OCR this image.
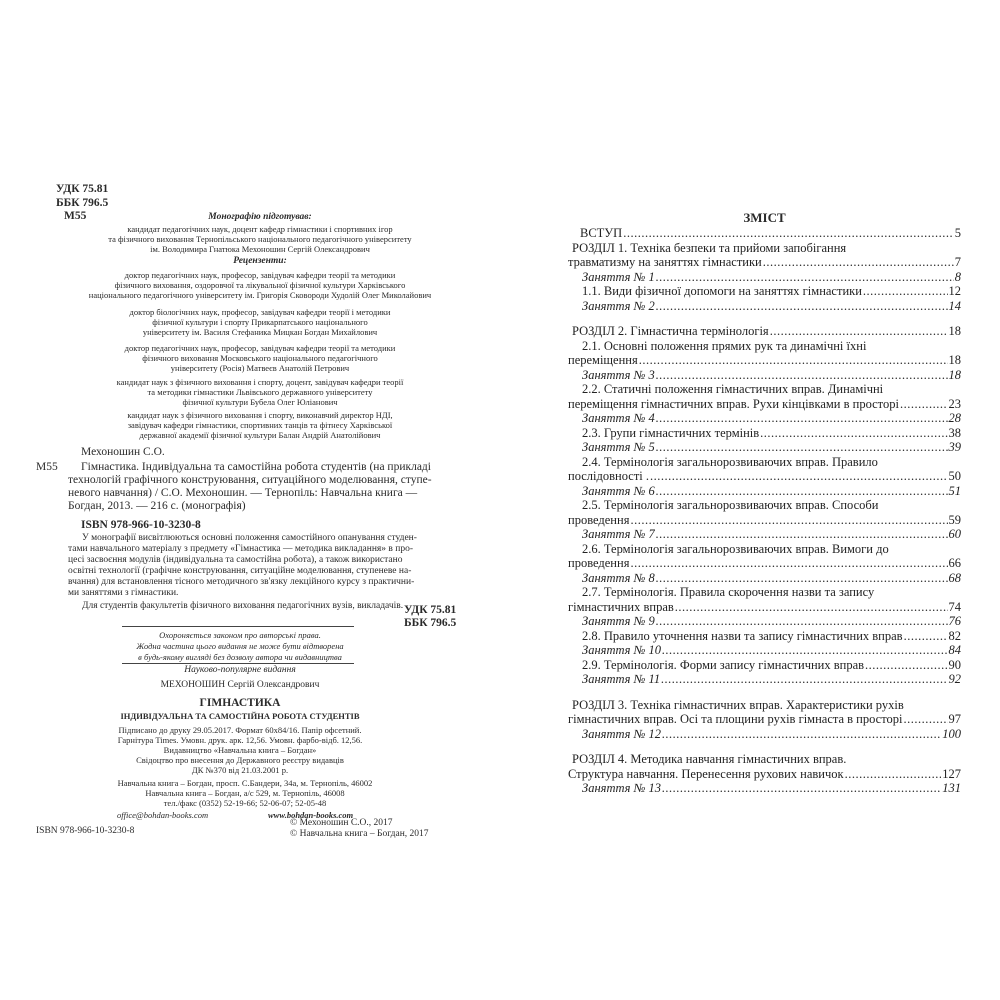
УДК 75.81
ББК 796.5
М55	Монографію підготував:
кандидат педагогічних наук, доцент кафедр гімнастики і спортивних ігор
та фізичного виховання Тернопільського національного педагогічного університету
ім. Володимира Гнатюка Мехоношин Сергій Олександрович
Рецензенти:
доктор педагогічних наук, професор, завідувач кафедри теорії та методики
фізичного виховання, оздоровчої та лікувальної фізичної культури Харківського
національного педагогічного університету ім. Григорія Сковороди Худолій Олег Миколайович
доктор біологічних наук, професор, завідувач кафедри теорії і методики
фізичної культури і спорту Прикарпатського національного
університету ім. Василя Стефаника Мицкан Богдан Михайлович
доктор педагогічних наук, професор, завідувач кафедри теорії та методики
фізичного виховання Московського національного педагогічного
університету (Росія) Матвеєв Анатолій Петрович
кандидат наук з фізичного виховання і спорту, доцент, завідувач кафедри теорії
та методики гімнастики Львівського державного університету
фізичної культури Бубела Олег Юліанович
кандидат наук з фізичного виховання і спорту, виконавчий директор НДІ,
завідувач кафедри гімнастики, спортивних танців та фітнесу Харківської
державної академії фізичної культури Балан Андрій Анатолійович
Мехоношин С.О.
М55 Гімнастика. Індивідуальна та самостійна робота студентів (на прикладі
технологій графічного конструювання, ситуаційного моделювання, ступе-
невого навчання) / С.О. Мехоношин. — Тернопіль: Навчальна книга —
Богдан, 2013. — 216 с. (монографія)
ISBN 978-966-10-3230-8
У монографії висвітлюються основні положення самостійного опанування студен-
тами навчального матеріалу з предмету «Гімнастика — методика викладання» в про-
цесі засвоєння модулів (індивідуальна та самостійна робота), а також використано
освітні технології (графічне конструювання, ситуаційне моделювання, ступеневе на-
вчання) для встановлення тісного методичного зв'язку лекційного курсу з практични-
ми заняттями з гімнастики.
Для студентів факультетів фізичного виховання педагогічних вузів, викладачів. УДК 75.81
ББК 796.5
Охороняється законом про авторські права.
Жодна частина цього видання не може бути відтворена
в будь-якому вигляді без дозволу автора чи видавництва
Науково-популярне видання
МЕХОНОШИН Сергій Олександрович
ГІМНАСТИКА
ІНДИВІДУАЛЬНА ТА САМОСТІЙНА РОБОТА СТУДЕНТІВ
Підписано до друку 29.05.2017. Формат 60х84/16. Папір офсетний.
Гарнітура Times. Умовн. друк. арк. 12,56. Умовн. фарбо-відб. 12,56.
Видавництво «Навчальна книга – Богдан»
Свідоцтво про внесення до Державного реєстру видавців
ДК №370 від 21.03.2001 р.
Навчальна книга – Богдан, просп. С.Бандери, 34а, м. Тернопіль, 46002
Навчальна книга – Богдан, а/с 529, м. Тернопіль, 46008
тел./факс (0352) 52-19-66; 52-06-07; 52-05-48
office@bohdan-books.com	www.bohdan-books.com
ISBN 978-966-10-3230-8
© Мехоношин С.О., 2017
© Навчальна книга – Богдан, 2017
ЗМІСТ
ВСТУП .....	5
РОЗДІЛ 1. Техніка безпеки та прийоми запобігання
травматизму на заняттях гімнастики .....	7
Заняття № 1 .....	8
1.1. Види фізичної допомоги на заняттях гімнастики .....	12
Заняття № 2 .....	14
РОЗДІЛ 2. Гімнастична термінологія .....	18
2.1. Основні положення прямих рук та динамічні їхні
переміщення .....	18
Заняття № 3 .....	18
2.2. Статичні положення гімнастичних вправ. Динамічні
переміщення гімнастичних вправ. Рухи кінцівками в просторі .....	23
Заняття № 4 .....	28
2.3. Групи гімнастичних термінів .....	38
Заняття № 5 .....	39
2.4. Термінологія загальнорозвиваючих вправ. Правило
послідовності . .....	50
Заняття № 6 .....	51
2.5. Термінологія загальнорозвиваючих вправ. Способи
проведення .....	59
Заняття № 7 .....	60
2.6. Термінологія загальнорозвиваючих вправ. Вимоги до
проведення .....	66
Заняття № 8 .....	68
2.7. Термінологія. Правила скорочення назви та запису
гімнастичних вправ .....	74
Заняття № 9 .....	76
2.8. Правило уточнення назви та запису гімнастичних вправ .....	82
Заняття № 10 .....	84
2.9. Термінологія. Форми запису гімнастичних вправ .....	90
Заняття № 11 .....	92
РОЗДІЛ 3. Техніка гімнастичних вправ. Характеристики рухів
гімнастичних вправ. Осі та площини рухів гімнаста в просторі .....	97
Заняття № 12 .....	100
РОЗДІЛ 4. Методика навчання гімнастичних вправ.
Структура навчання. Перенесення рухових навичок .....	127
Заняття № 13 .....	131
